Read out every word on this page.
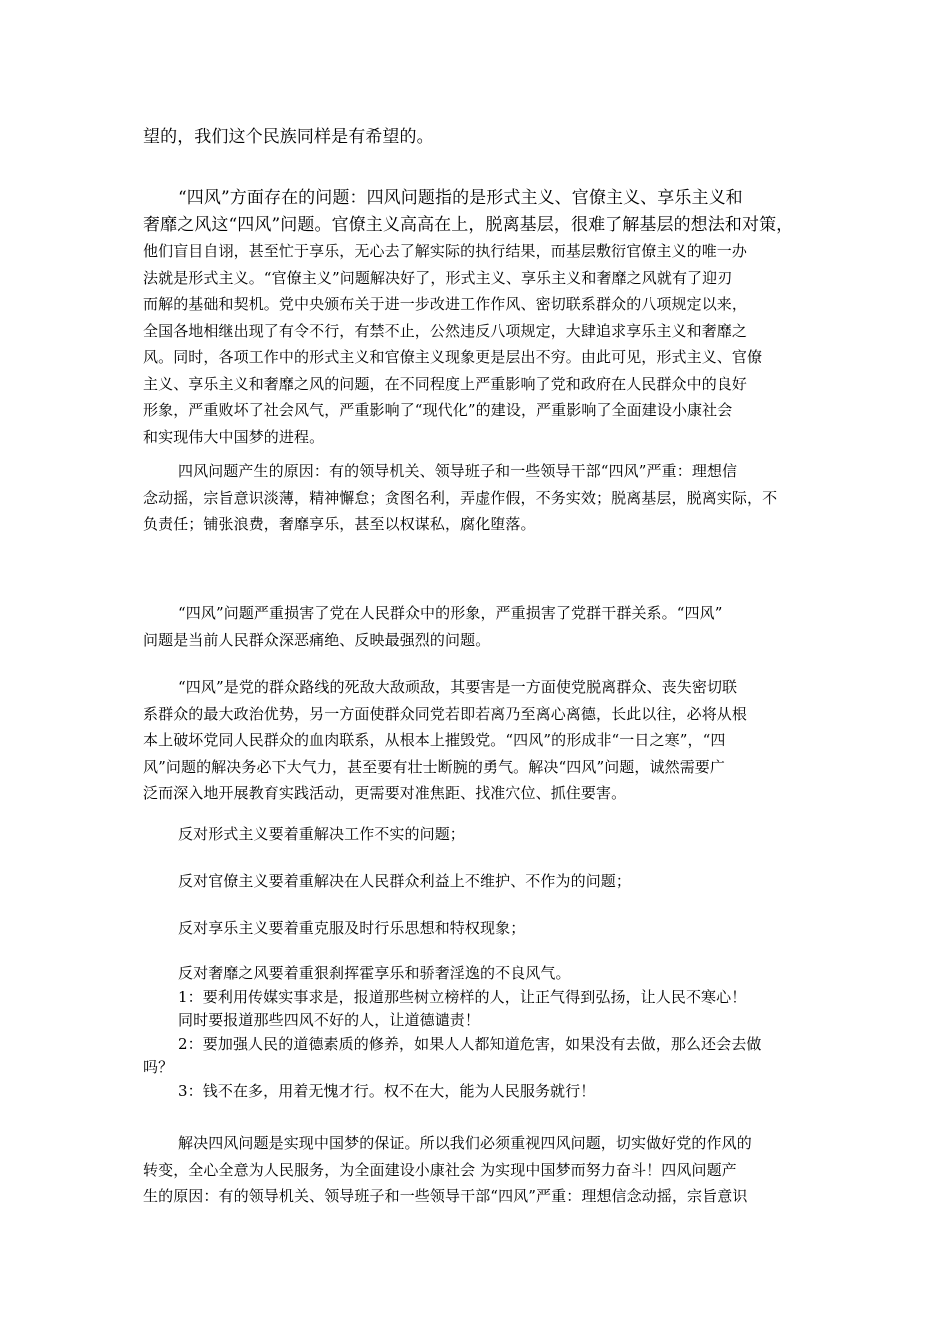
望的，我们这个民族同样是有希望的。

“四风”方面存在的问题：四风问题指的是形式主义、官僚主义、享乐主义和
奢靡之风这“四风”问题。官僚主义高高在上，脱离基层，很难了解基层的想法和对策，
他们盲目自诩，甚至忙于享乐，无心去了解实际的执行结果，而基层敷衍官僚主义的唯一办
法就是形式主义。“官僚主义”问题解决好了，形式主义、享乐主义和奢靡之风就有了迎刃
而解的基础和契机。党中央颁布关于进一步改进工作作风、密切联系群众的八项规定以来，
全国各地相继出现了有令不行，有禁不止，公然违反八项规定，大肆追求享乐主义和奢靡之
风。同时，各项工作中的形式主义和官僚主义现象更是层出不穷。由此可见，形式主义、官僚
主义、享乐主义和奢靡之风的问题，在不同程度上严重影响了党和政府在人民群众中的良好
形象，严重败坏了社会风气，严重影响了“现代化”的建设，严重影响了全面建设小康社会
和实现伟大中国梦的进程。

四风问题产生的原因：有的领导机关、领导班子和一些领导干部“四风”严重：理想信
念动摇，宗旨意识淡薄，精神懈怠；贪图名利，弄虚作假，不务实效；脱离基层，脱离实际，不
负责任；铺张浪费，奢靡享乐，甚至以权谋私，腐化堕落。

“四风”问题严重损害了党在人民群众中的形象，严重损害了党群干群关系。“四风”
问题是当前人民群众深恶痛绝、反映最强烈的问题。

“四风”是党的群众路线的死敌大敌顽敌，其要害是一方面使党脱离群众、丧失密切联
系群众的最大政治优势，另一方面使群众同党若即若离乃至离心离德，长此以往，必将从根
本上破坏党同人民群众的血肉联系，从根本上摧毁党。“四风”的形成非“一日之寒”，“四
风”问题的解决务必下大气力，甚至要有壮士断腕的勇气。解决“四风”问题，诚然需要广
泛而深入地开展教育实践活动，更需要对准焦距、找准穴位、抓住要害。

反对形式主义要着重解决工作不实的问题；

反对官僚主义要着重解决在人民群众利益上不维护、不作为的问题；

反对享乐主义要着重克服及时行乐思想和特权现象；

反对奢靡之风要着重狠刹挥霍享乐和骄奢淫逸的不良风气。
1：要利用传媒实事求是，报道那些树立榜样的人，让正气得到弘扬，让人民不寒心！
同时要报道那些四风不好的人，让道德谴责！
2：要加强人民的道德素质的修养，如果人人都知道危害，如果没有去做，那么还会去做
吗？
3：钱不在多，用着无愧才行。权不在大，能为人民服务就行！

解决四风问题是实现中国梦的保证。所以我们必须重视四风问题，切实做好党的作风的
转变，全心全意为人民服务，为全面建设小康社会 为实现中国梦而努力奋斗！四风问题产
生的原因：有的领导机关、领导班子和一些领导干部“四风”严重：理想信念动摇，宗旨意识
